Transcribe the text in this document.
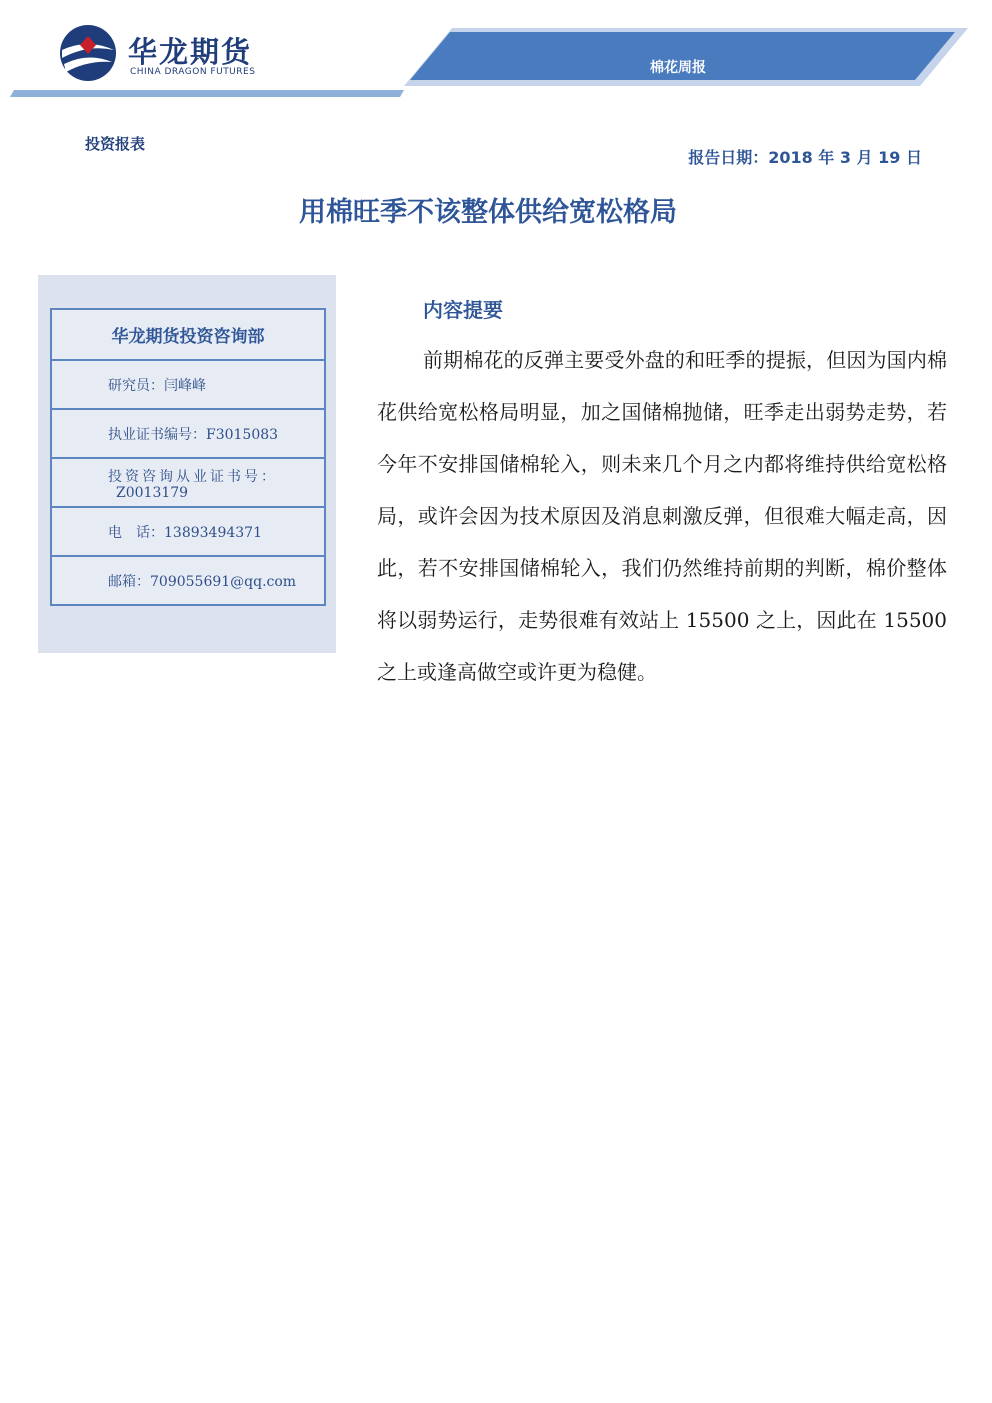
华龙期货
CHINA DRAGON FUTURES	棉花周报
投资报表
报告日期：2018 年 3 月 19 日
用棉旺季不该整体供给宽松格局
华龙期货投资咨询部
研究员：闫峰峰
执业证书编号：F3015083
投资咨询从业证书号：
Z0013179
电　话：13893494371
邮箱：709055691@qq.com
内容提要

前期棉花的反弹主要受外盘的和旺季的提振，但因为国内棉花供给宽松格局明显，加之国储棉抛储，旺季走出弱势走势，若今年不安排国储棉轮入，则未来几个月之内都将维持供给宽松格局，或许会因为技术原因及消息刺激反弹，但很难大幅走高，因此，若不安排国储棉轮入，我们仍然维持前期的判断，棉价整体将以弱势运行，走势很难有效站上 15500 之上，因此在 15500 之上或逢高做空或许更为稳健。
